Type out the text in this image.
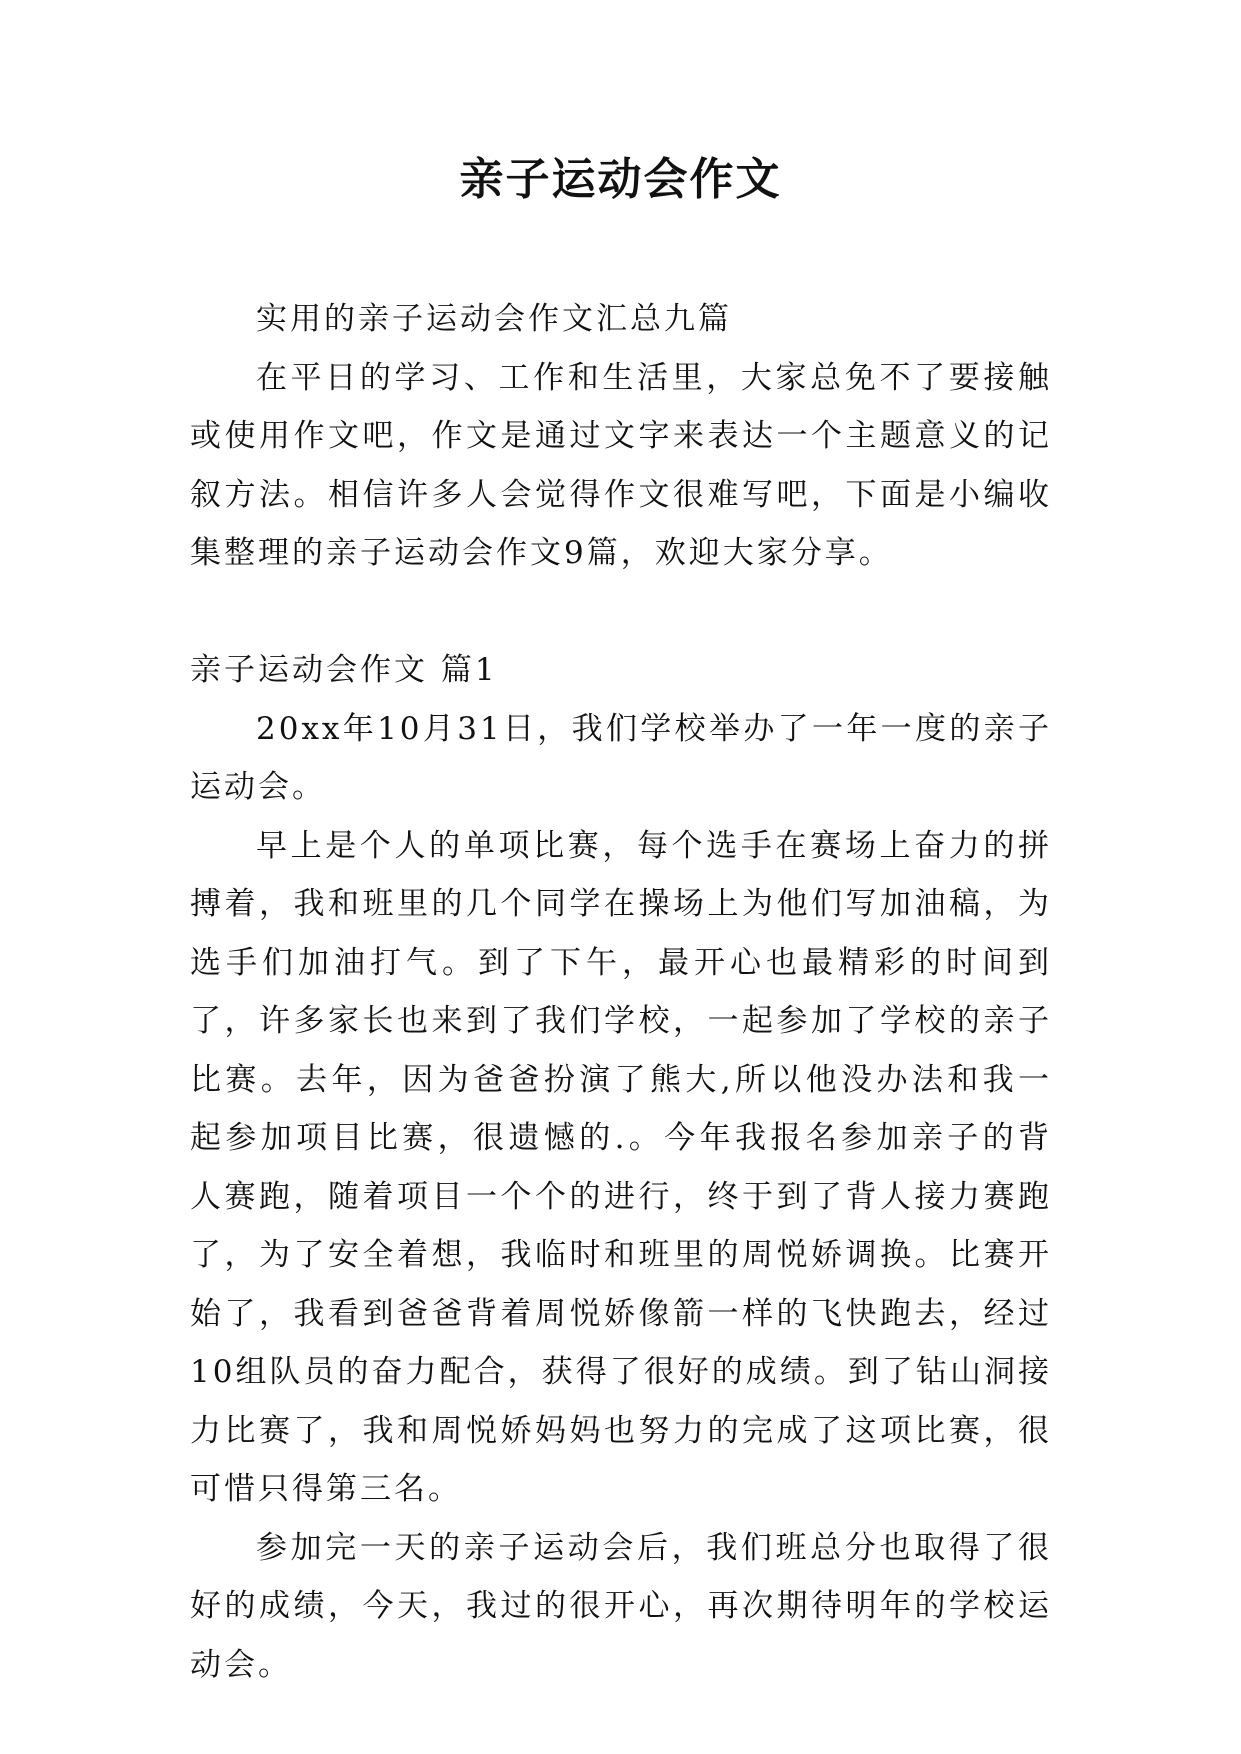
亲子运动会作文

实用的亲子运动会作文汇总九篇

在平日的学习、工作和生活里，大家总免不了要接触或使用作文吧，作文是通过文字来表达一个主题意义的记叙方法。相信许多人会觉得作文很难写吧，下面是小编收集整理的亲子运动会作文9篇，欢迎大家分享。

亲子运动会作文 篇1

20xx年10月31日，我们学校举办了一年一度的亲子运动会。

早上是个人的单项比赛，每个选手在赛场上奋力的拼搏着，我和班里的几个同学在操场上为他们写加油稿，为选手们加油打气。到了下午，最开心也最精彩的时间到了，许多家长也来到了我们学校，一起参加了学校的亲子比赛。去年，因为爸爸扮演了熊大,所以他没办法和我一起参加项目比赛，很遗憾的.。今年我报名参加亲子的背人赛跑，随着项目一个个的进行，终于到了背人接力赛跑了，为了安全着想，我临时和班里的周悦娇调换。比赛开始了，我看到爸爸背着周悦娇像箭一样的飞快跑去，经过10组队员的奋力配合，获得了很好的成绩。到了钻山洞接力比赛了，我和周悦娇妈妈也努力的完成了这项比赛，很可惜只得第三名。

参加完一天的亲子运动会后，我们班总分也取得了很好的成绩，今天，我过的很开心，再次期待明年的学校运动会。
